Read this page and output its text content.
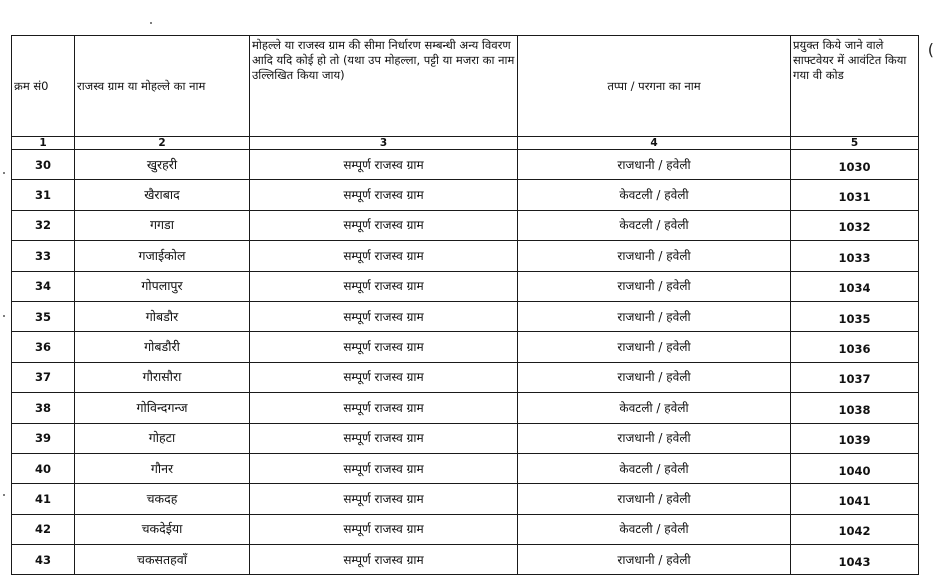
क्रम सं0	राजस्व ग्राम या मोहल्ले का नाम	मोहल्ले या राजस्व ग्राम की सीमा निर्धारण सम्बन्धी अन्य विवरण आदि यदि कोई हो तो (यथा उप मोहल्ला, पट्टी या मजरा का नाम उल्लिखित किया जाय)	तप्पा / परगना का नाम	प्रयुक्त किये जाने वाले साफ्टवेयर में आवंटित किया गया वी कोड
1	2	3	4	5
30	खुरहरी	सम्पूर्ण राजस्व ग्राम	राजधानी / हवेली	1030
31	खैराबाद	सम्पूर्ण राजस्व ग्राम	केवटली / हवेली	1031
32	गगडा	सम्पूर्ण राजस्व ग्राम	केवटली / हवेली	1032
33	गजाईकोल	सम्पूर्ण राजस्व ग्राम	राजधानी / हवेली	1033
34	गोपलापुर	सम्पूर्ण राजस्व ग्राम	राजधानी / हवेली	1034
35	गोबडौर	सम्पूर्ण राजस्व ग्राम	राजधानी / हवेली	1035
36	गोबडौरी	सम्पूर्ण राजस्व ग्राम	राजधानी / हवेली	1036
37	गौरासौरा	सम्पूर्ण राजस्व ग्राम	राजधानी / हवेली	1037
38	गोविन्दगन्ज	सम्पूर्ण राजस्व ग्राम	केवटली / हवेली	1038
39	गोहटा	सम्पूर्ण राजस्व ग्राम	राजधानी / हवेली	1039
40	गौनर	सम्पूर्ण राजस्व ग्राम	केवटली / हवेली	1040
41	चकदह	सम्पूर्ण राजस्व ग्राम	राजधानी / हवेली	1041
42	चकदेईया	सम्पूर्ण राजस्व ग्राम	केवटली / हवेली	1042
43	चकसतहवाँ	सम्पूर्ण राजस्व ग्राम	राजधानी / हवेली	1043
(
